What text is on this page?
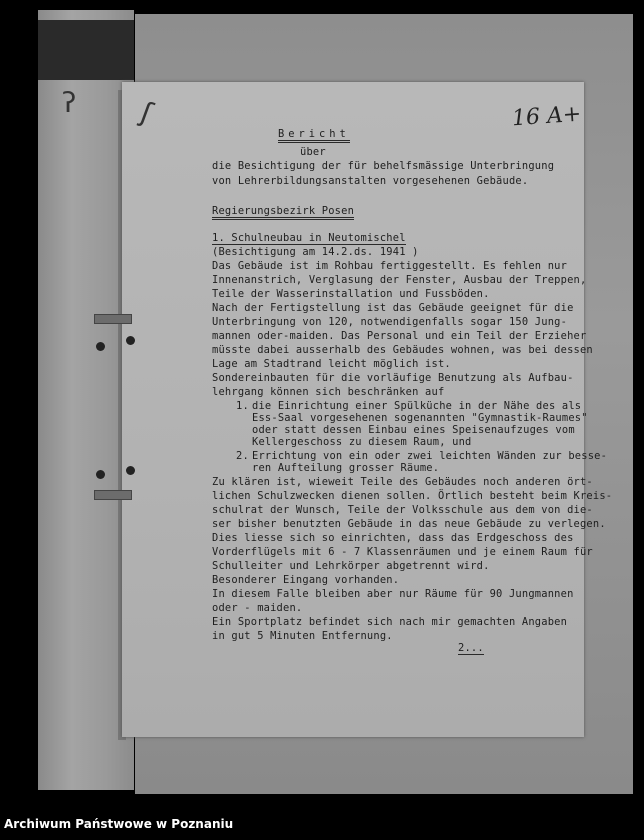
ʔ ʃ	16 A+
Bericht
über
die Besichtigung der für behelfsmässige Unterbringung
von Lehrerbildungsanstalten vorgesehenen Gebäude.
Regierungsbezirk Posen
1. Schulneubau in Neutomischel
(Besichtigung am 14.2.ds. 1941 )
Das Gebäude ist im Rohbau fertiggestellt. Es fehlen nur
Innenanstrich, Verglasung der Fenster, Ausbau der Treppen,
Teile der Wasserinstallation und Fussböden.
Nach der Fertigstellung ist das Gebäude geeignet für die
Unterbringung von 120, notwendigenfalls sogar 150 Jung-
mannen oder-maiden. Das Personal und ein Teil der Erzieher
müsste dabei ausserhalb des Gebäudes wohnen, was bei dessen
Lage am Stadtrand leicht möglich ist.
Sondereinbauten für die vorläufige Benutzung als Aufbau-
lehrgang können sich beschränken auf
1. die Einrichtung einer Spülküche in der Nähe des als
Ess-Saal vorgesehenen sogenannten "Gymnastik-Raumes"
oder statt dessen Einbau eines Speisenaufzuges vom
Kellergeschoss zu diesem Raum, und
2. Errichtung von ein oder zwei leichten Wänden zur besse-
ren Aufteilung grosser Räume.
Zu klären ist, wieweit Teile des Gebäudes noch anderen ört-
lichen Schulzwecken dienen sollen. Örtlich besteht beim Kreis-
schulrat der Wunsch, Teile der Volksschule aus dem von die-
ser bisher benutzten Gebäude in das neue Gebäude zu verlegen.
Dies liesse sich so einrichten, dass das Erdgeschoss des
Vorderflügels mit 6 - 7 Klassenräumen und je einem Raum für
Schulleiter und Lehrkörper abgetrennt wird.
Besonderer Eingang vorhanden.
In diesem Falle bleiben aber nur Räume für 90 Jungmannen
oder - maiden.
Ein Sportplatz befindet sich nach mir gemachten Angaben
in gut 5 Minuten Entfernung.
2...
Archiwum Państwowe w Poznaniu
